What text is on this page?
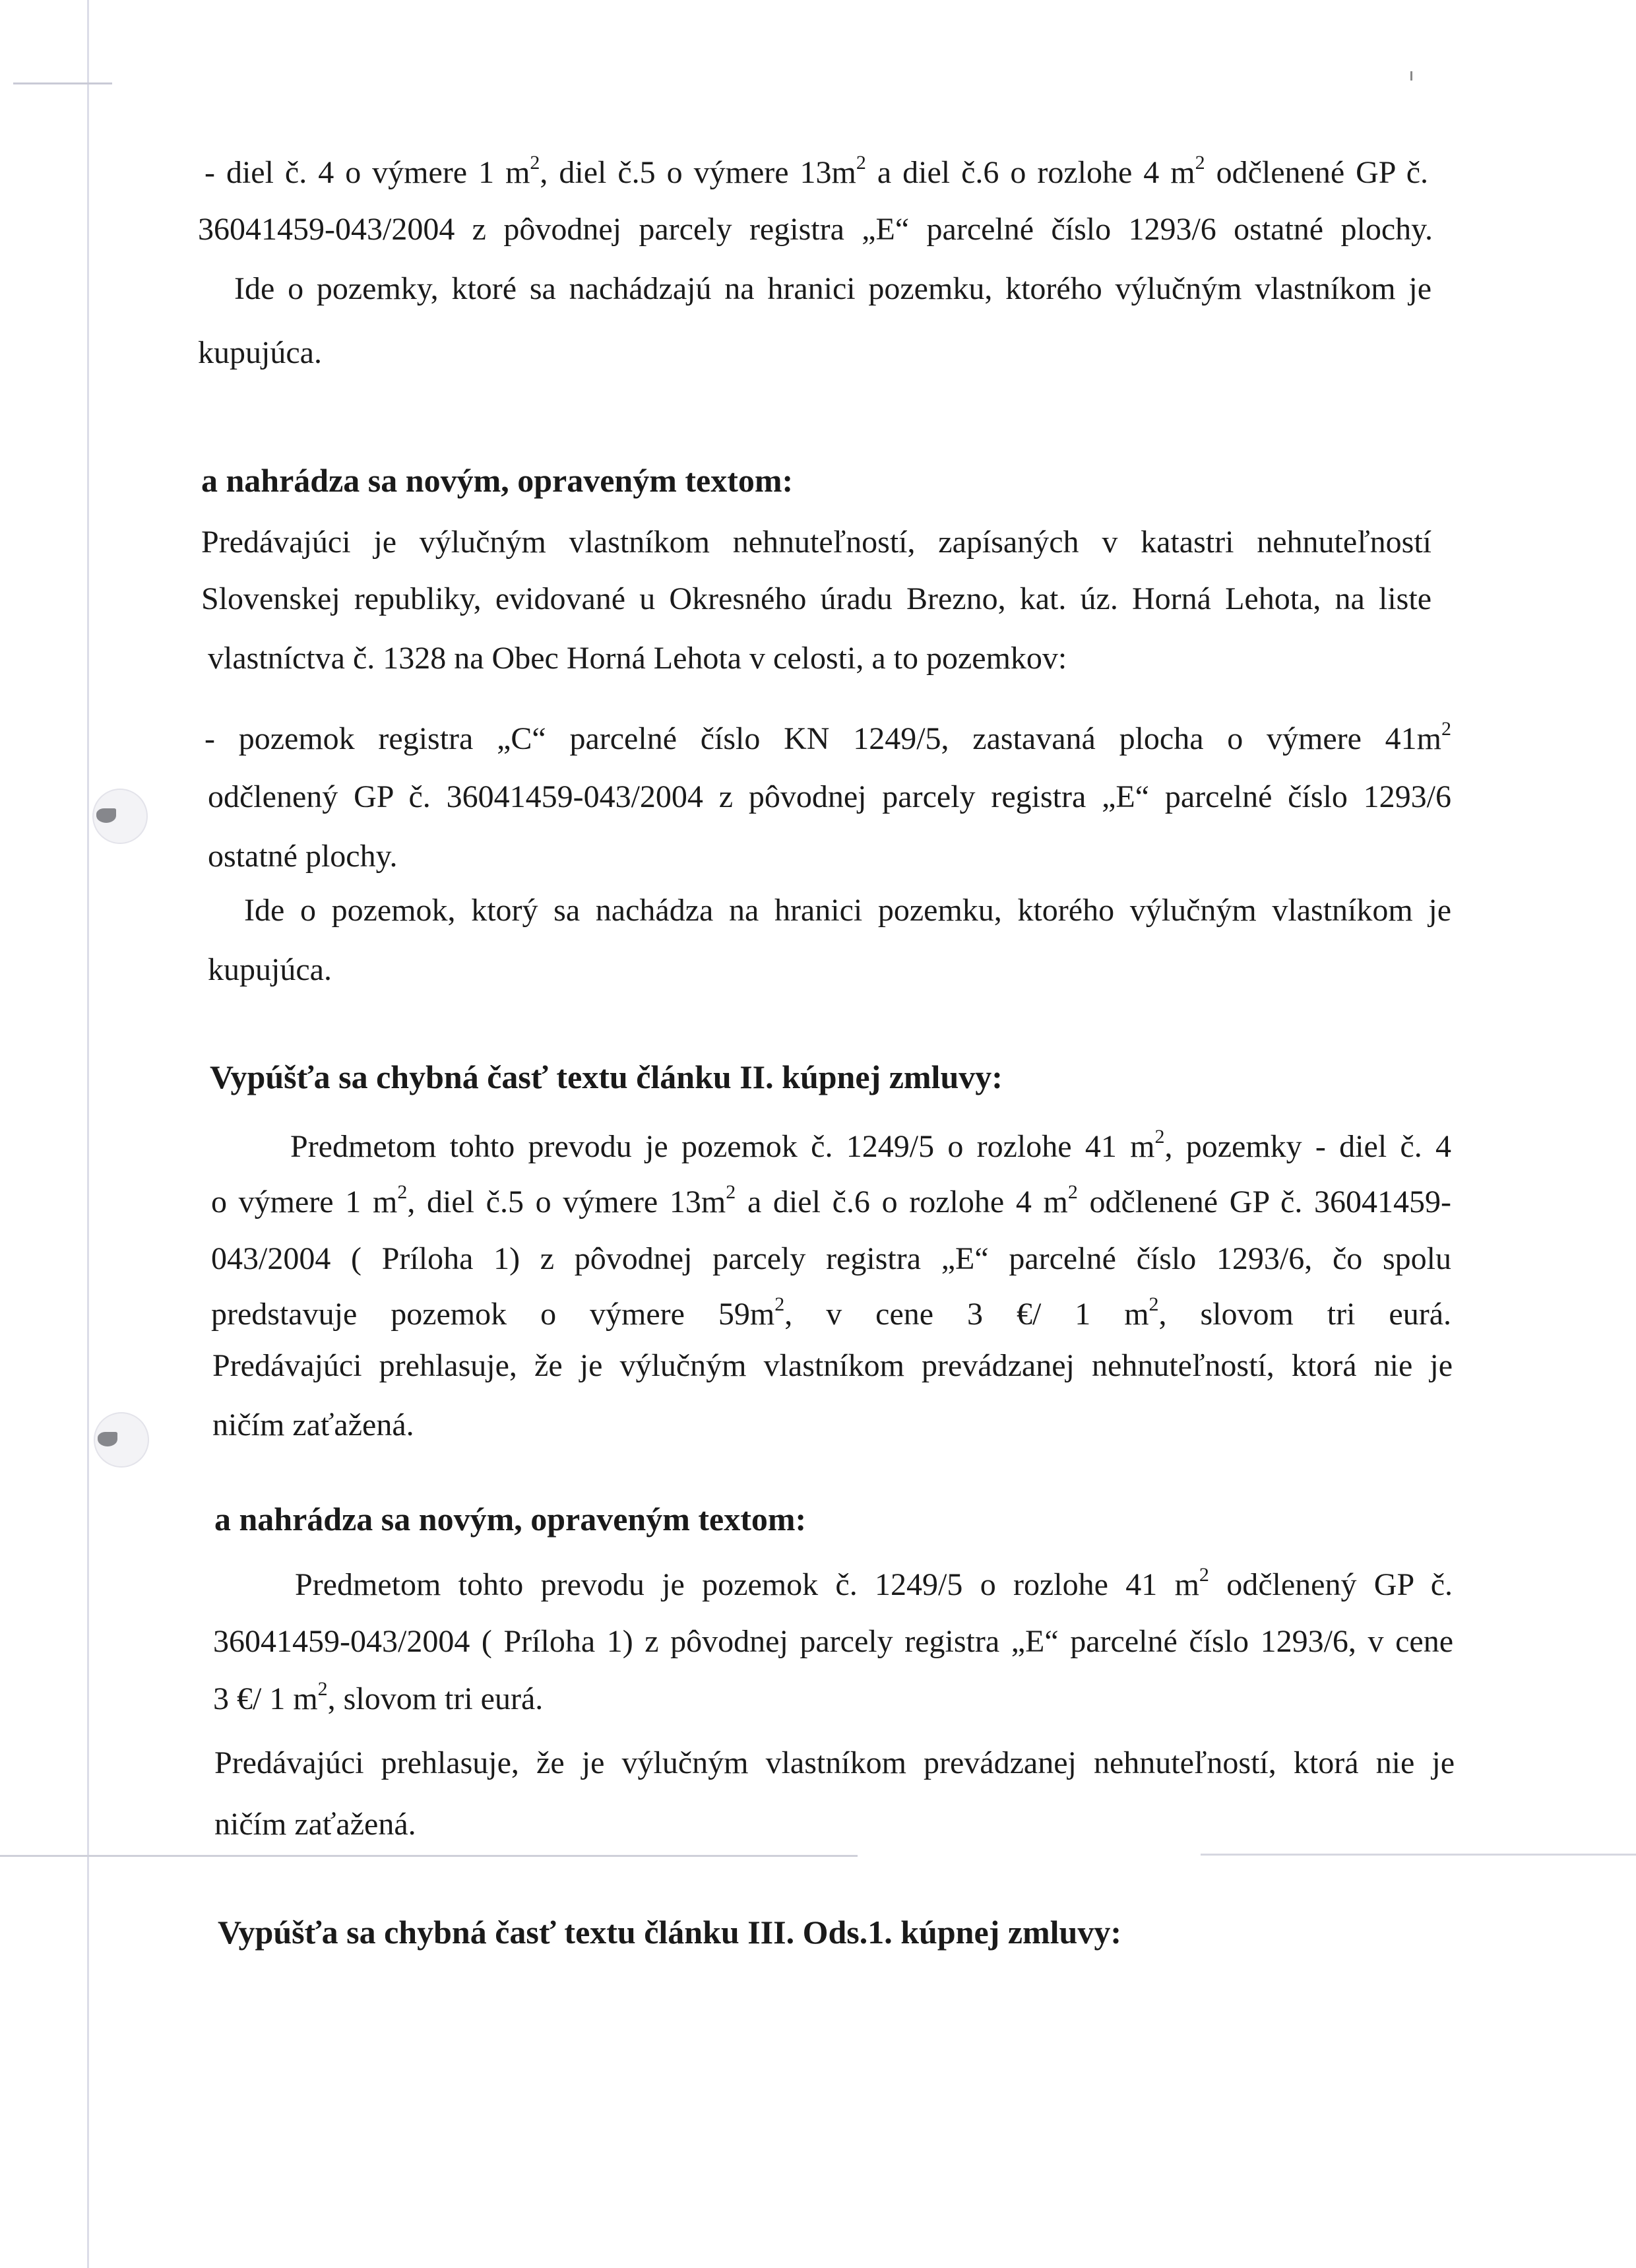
- diel č. 4 o výmere 1 $m^2$, diel č.5 o výmere $13m^2$ a diel č.6 o rozlohe 4 $m^2$ odčlenené GP č.
36041459-043/2004 z pôvodnej parcely registra „E“ parcelné číslo 1293/6 ostatné plochy.
Ide o pozemky, ktoré sa nachádzajú na hranici pozemku, ktorého výlučným vlastníkom je
kupujúca.
a nahrádza sa novým, opraveným textom:
Predávajúci je výlučným vlastníkom nehnuteľností, zapísaných v katastri nehnuteľností
Slovenskej republiky, evidované u Okresného úradu Brezno, kat. úz. Horná Lehota, na liste
vlastníctva č. 1328 na Obec Horná Lehota v celosti, a to pozemkov:
- pozemok registra „C“ parcelné číslo KN 1249/5, zastavaná plocha o výmere $41m^2$
odčlenený GP č. 36041459-043/2004 z pôvodnej parcely registra „E“ parcelné číslo 1293/6
ostatné plochy.
Ide o pozemok, ktorý sa nachádza na hranici pozemku, ktorého výlučným vlastníkom je
kupujúca.
Vypúšťa sa chybná časť textu článku II. kúpnej zmluvy:
Predmetom tohto prevodu je pozemok č. 1249/5 o rozlohe 41 $m^2$, pozemky - diel č. 4
o výmere 1 $m^2$, diel č.5 o výmere $13m^2$ a diel č.6 o rozlohe 4 $m^2$ odčlenené GP č. 36041459-
043/2004 ( Príloha 1) z pôvodnej parcely registra „E“ parcelné číslo 1293/6, čo spolu
predstavuje pozemok o výmere $59m^2$, v cene 3 €/ 1 $m^2$, slovom tri eurá.
Predávajúci prehlasuje, že je výlučným vlastníkom prevádzanej nehnuteľností, ktorá nie je
ničím zaťažená.
a nahrádza sa novým, opraveným textom:
Predmetom tohto prevodu je pozemok č. 1249/5 o rozlohe 41 $m^2$ odčlenený GP č.
36041459-043/2004 ( Príloha 1) z pôvodnej parcely registra „E“ parcelné číslo 1293/6, v cene
3 €/ 1 $m^2$, slovom tri eurá.
Predávajúci prehlasuje, že je výlučným vlastníkom prevádzanej nehnuteľností, ktorá nie je
ničím zaťažená.
Vypúšťa sa chybná časť textu článku III. Ods.1. kúpnej zmluvy:
